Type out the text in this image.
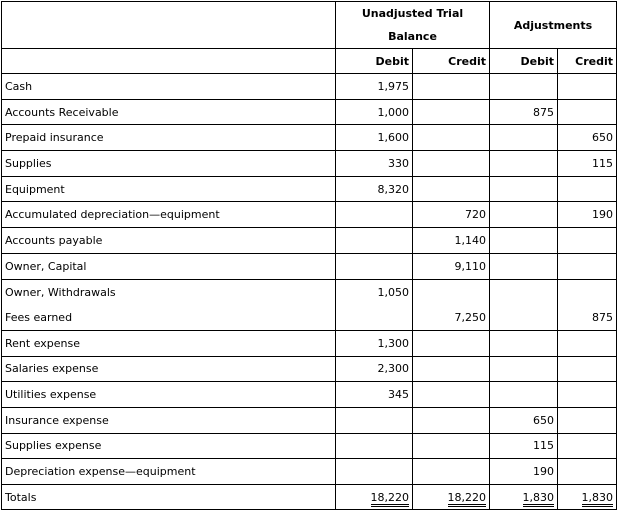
	Unadjusted Trial Balance		Adjustments	
	Debit	Credit	Debit	Credit
Cash	1,975			
Accounts Receivable	1,000		875	
Prepaid insurance	1,600			650
Supplies	330			115
Equipment	8,320			
Accumulated depreciation—equipment		720		190
Accounts payable		1,140		
Owner, Capital		9,110		
Owner, Withdrawals	1,050			
Fees earned		7,250		875
Rent expense	1,300			
Salaries expense	2,300			
Utilities expense	345			
Insurance expense			650	
Supplies expense			115	
Depreciation expense—equipment			190	
Totals	18,220	18,220	1,830	1,830
